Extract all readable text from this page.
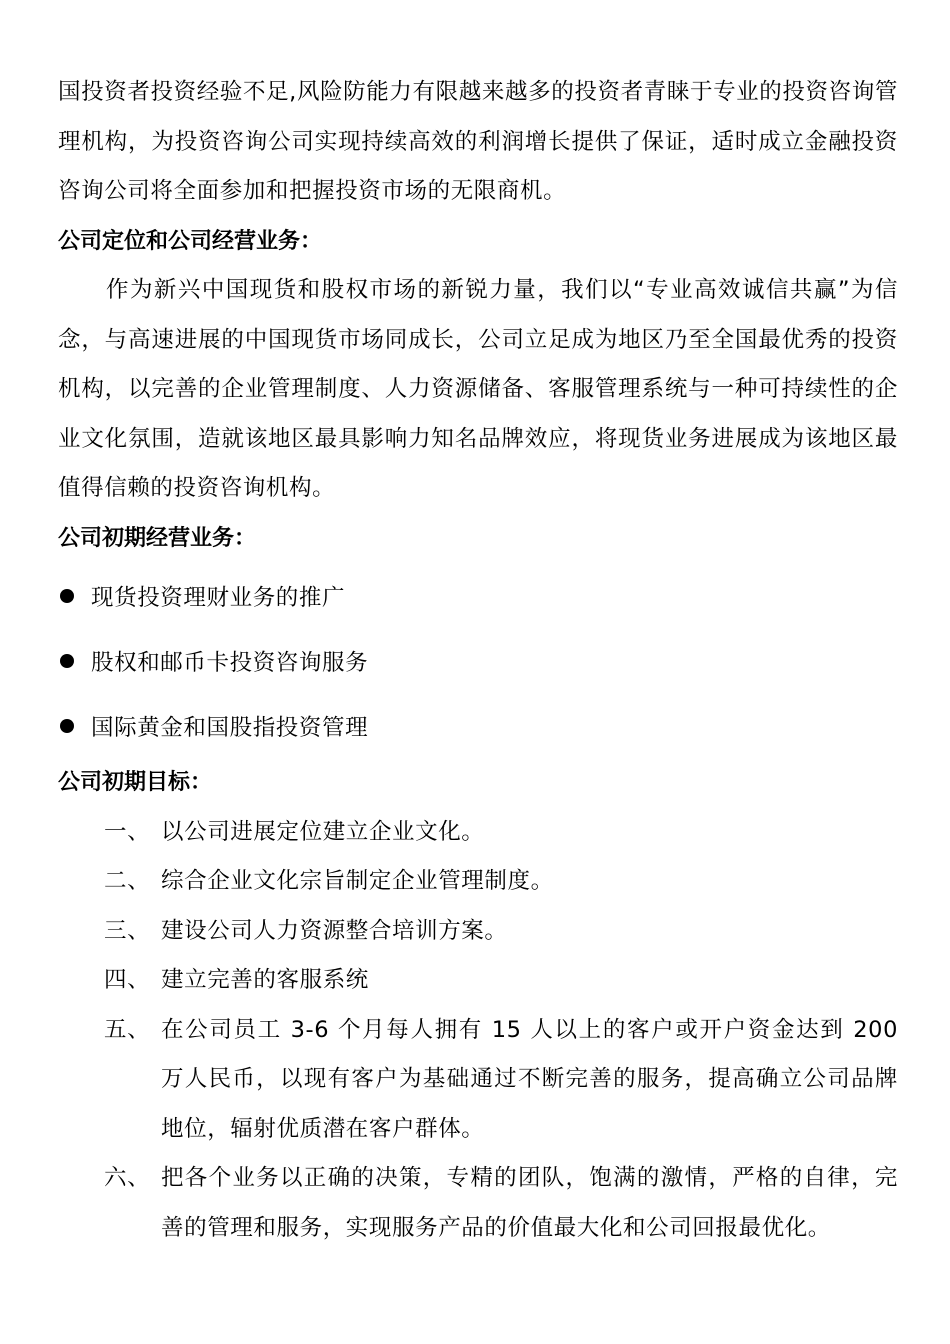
国投资者投资经验不足,风险防能力有限越来越多的投资者青睐于专业的投资咨询管理机构，为投资咨询公司实现持续高效的利润增长提供了保证，适时成立金融投资咨询公司将全面参加和把握投资市场的无限商机。

公司定位和公司经营业务：

作为新兴中国现货和股权市场的新锐力量，我们以“专业高效诚信共赢”为信念，与高速进展的中国现货市场同成长，公司立足成为地区乃至全国最优秀的投资机构，以完善的企业管理制度、人力资源储备、客服管理系统与一种可持续性的企业文化氛围，造就该地区最具影响力知名品牌效应，将现货业务进展成为该地区最值得信赖的投资咨询机构。

公司初期经营业务：
现货投资理财业务的推广
股权和邮币卡投资咨询服务
国际黄金和国股指投资管理
公司初期目标：
一、 以公司进展定位建立企业文化。
二、 综合企业文化宗旨制定企业管理制度。
三、 建设公司人力资源整合培训方案。
四、 建立完善的客服系统
五、 在公司员工 3-6 个月每人拥有 15 人以上的客户或开户资金达到 200 万人民币，以现有客户为基础通过不断完善的服务，提高确立公司品牌地位，辐射优质潜在客户群体。
六、 把各个业务以正确的决策，专精的团队，饱满的激情，严格的自律，完善的管理和服务，实现服务产品的价值最大化和公司回报最优化。
